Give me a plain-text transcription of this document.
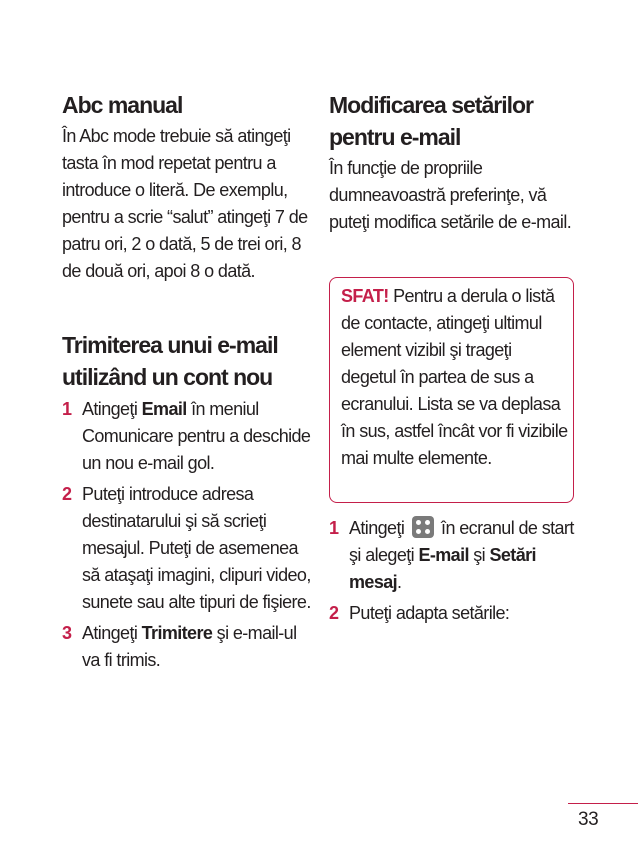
Abc manual

În Abc mode trebuie să atingeţi tasta în mod repetat pentru a introduce o literă. De exemplu, pentru a scrie “salut” atingeţi 7 de patru ori, 2 o dată, 5 de trei ori, 8 de două ori, apoi 8 o dată.

Trimiterea unui e-mail utilizând un cont nou
1 Atingeţi Email în meniul Comunicare pentru a deschide un nou e-mail gol.

2 Puteţi introduce adresa destinatarului şi să scrieţi mesajul. Puteţi de asemenea să ataşaţi imagini, clipuri video, sunete sau alte tipuri de fişiere.

3 Atingeţi Trimitere şi e-mail-ul va fi trimis.

Modificarea setărilor pentru e-mail

În funcţie de propriile dumneavoastră preferinţe, vă puteţi modifica setările de e-mail.

SFAT! Pentru a derula o listă de contacte, atingeţi ultimul element vizibil şi trageţi degetul în partea de sus a ecranului. Lista se va deplasa în sus, astfel încât vor fi vizibile mai multe elemente.

1 Atingeţi
în ecranul de start şi alegeţi E-mail şi Setări mesaj.

2 Puteţi adapta setările:

33
